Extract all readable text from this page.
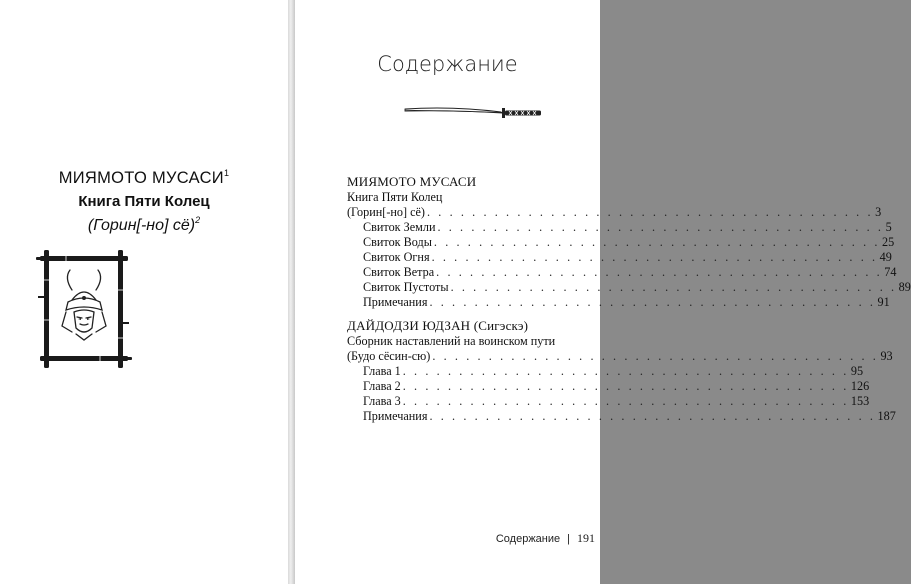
МИЯМОТО МУСАСИ$^1$
Книга Пяти Колец
(Горин[-но] сё)$^2$
Содержание
МИЯМОТО МУСАСИ
Книга Пяти Колец
(Горин[-но] сё) . . . . . . . . . . . . . . . . . . . . . . . . . . . . . . . . . . . . . . . . 3
Свиток Земли . . . . . . . . . . . . . . . . . . . . . . . . . . . . . . . . . . . . . . . . 5
Свиток Воды . . . . . . . . . . . . . . . . . . . . . . . . . . . . . . . . . . . . . . . . 25
Свиток Огня . . . . . . . . . . . . . . . . . . . . . . . . . . . . . . . . . . . . . . . . 49
Свиток Ветра . . . . . . . . . . . . . . . . . . . . . . . . . . . . . . . . . . . . . . . . 74
Свиток Пустоты . . . . . . . . . . . . . . . . . . . . . . . . . . . . . . . . . . . . . . . . 89
Примечания . . . . . . . . . . . . . . . . . . . . . . . . . . . . . . . . . . . . . . . . 91
ДАЙДОДЗИ ЮДЗАН (Сигэскэ)
Сборник наставлений на воинском пути
(Будо сёсин-сю) . . . . . . . . . . . . . . . . . . . . . . . . . . . . . . . . . . . . . . . . 93
Глава 1 . . . . . . . . . . . . . . . . . . . . . . . . . . . . . . . . . . . . . . . . 95
Глава 2 . . . . . . . . . . . . . . . . . . . . . . . . . . . . . . . . . . . . . . . . 126
Глава 3 . . . . . . . . . . . . . . . . . . . . . . . . . . . . . . . . . . . . . . . . 153
Примечания . . . . . . . . . . . . . . . . . . . . . . . . . . . . . . . . . . . . . . . . 187
Содержание | 191
